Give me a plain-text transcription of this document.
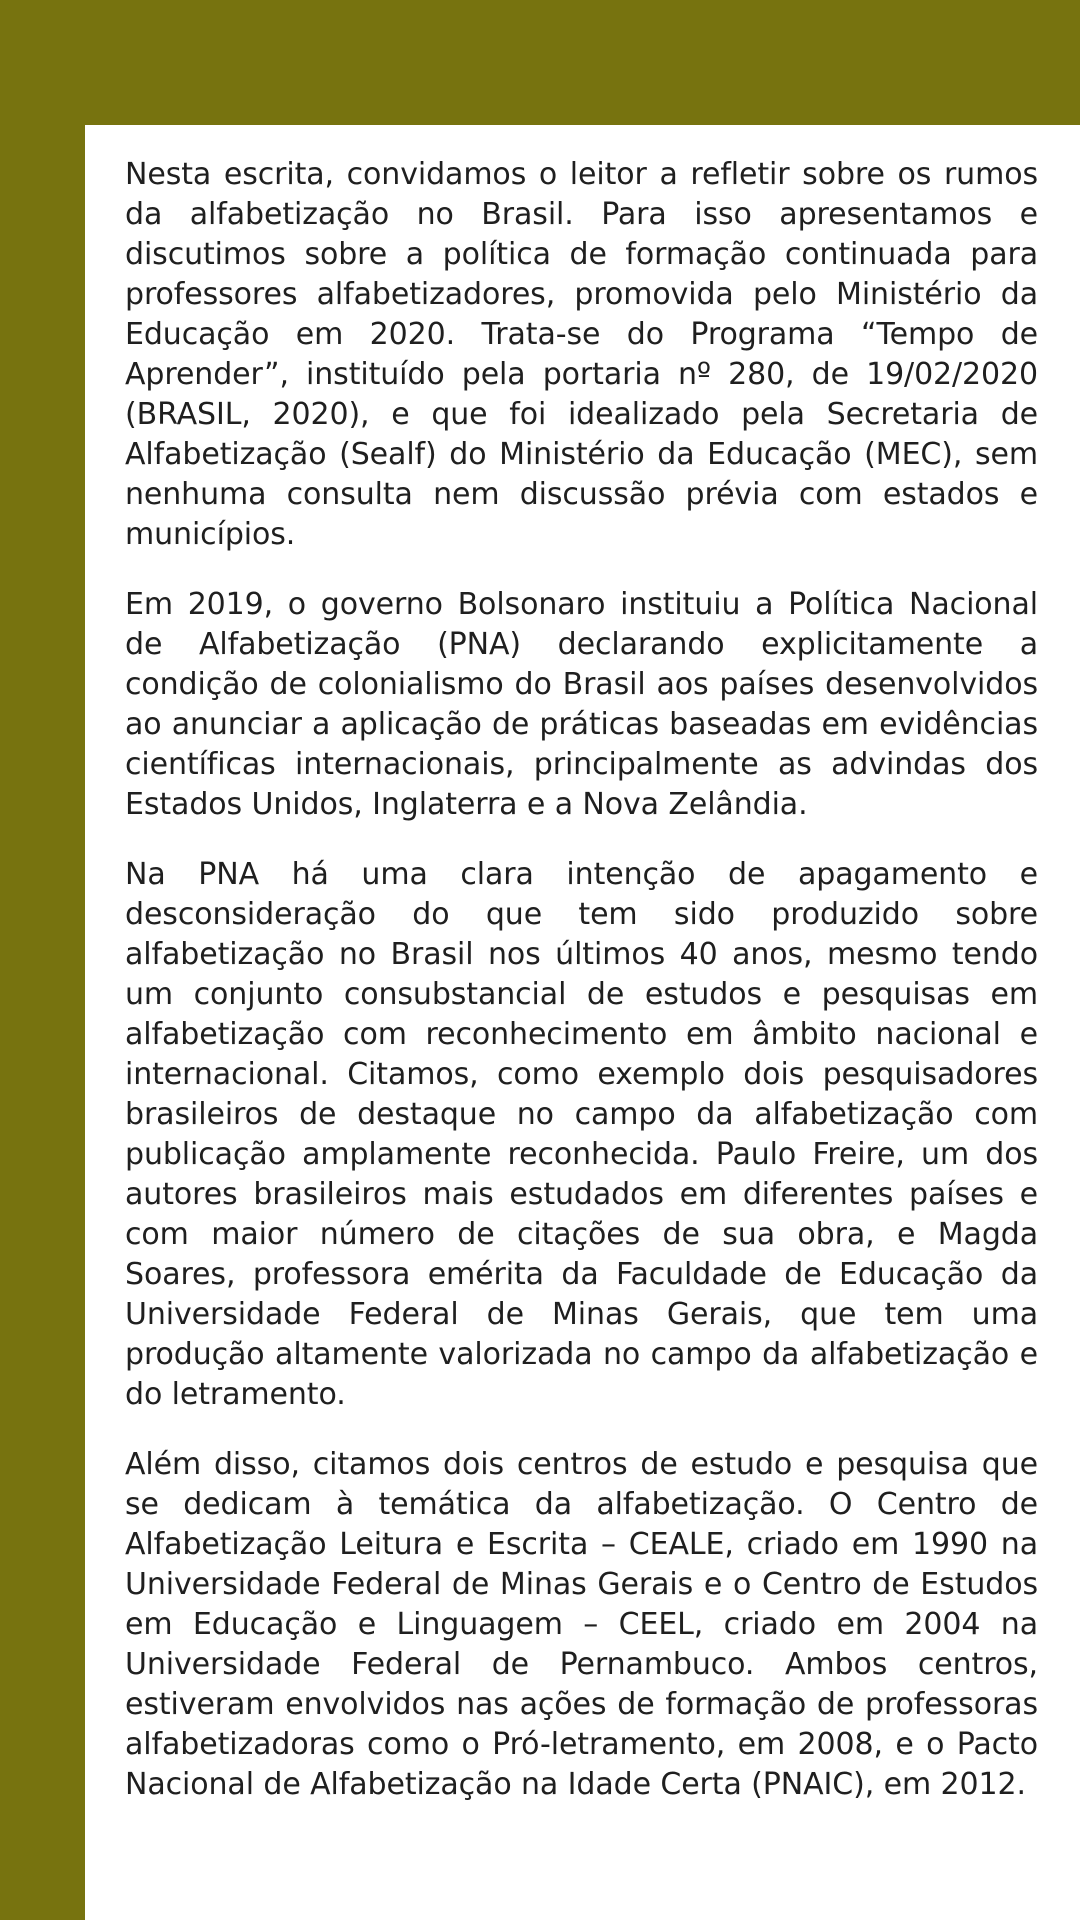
Nesta escrita, convidamos o leitor a refletir sobre os rumos da alfabetização no Brasil. Para isso apresentamos e discutimos sobre a política de formação continuada para professores alfabetizadores, promovida pelo Ministério da Educação em 2020. Trata-se do Programa “Tempo de Aprender”, instituído pela portaria nº 280, de 19/02/2020 (BRASIL, 2020), e que foi idealizado pela Secretaria de Alfabetização (Sealf) do Ministério da Educação (MEC), sem nenhuma consulta nem discussão prévia com estados e municípios.

Em 2019, o governo Bolsonaro instituiu a Política Nacional de Alfabetização (PNA) declarando explicitamente a condição de colonialismo do Brasil aos países desenvolvidos ao anunciar a aplicação de práticas baseadas em evidências científicas internacionais, principalmente as advindas dos Estados Unidos, Inglaterra e a Nova Zelândia.

Na PNA há uma clara intenção de apagamento e desconsideração do que tem sido produzido sobre alfabetização no Brasil nos últimos 40 anos, mesmo tendo um conjunto consubstancial de estudos e pesquisas em alfabetização com reconhecimento em âmbito nacional e internacional. Citamos, como exemplo dois pesquisadores brasileiros de destaque no campo da alfabetização com publicação amplamente reconhecida. Paulo Freire, um dos autores brasileiros mais estudados em diferentes países e com maior número de citações de sua obra, e Magda Soares, professora emérita da Faculdade de Educação da Universidade Federal de Minas Gerais, que tem uma produção altamente valorizada no campo da alfabetização e do letramento.

Além disso, citamos dois centros de estudo e pesquisa que se dedicam à temática da alfabetização. O Centro de Alfabetização Leitura e Escrita – CEALE, criado em 1990 na Universidade Federal de Minas Gerais e o Centro de Estudos em Educação e Linguagem – CEEL, criado em 2004 na Universidade Federal de Pernambuco. Ambos centros, estiveram envolvidos nas ações de formação de professoras alfabetizadoras como o Pró-letramento, em 2008, e o Pacto Nacional de Alfabetização na Idade Certa (PNAIC), em 2012.
